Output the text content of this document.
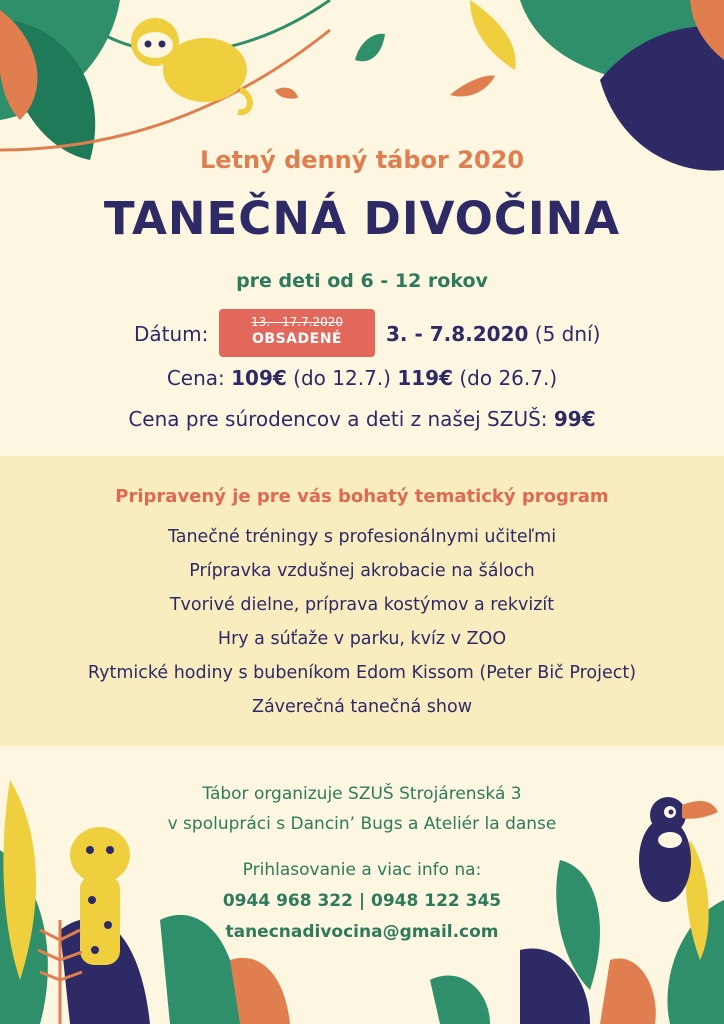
Letný denný tábor 2020
TANEČNÁ DIVOČINA
pre deti od 6 - 12 rokov
Dátum:	13. - 17.7.2020
OBSADENÉ	3. - 7.8.2020 (5 dní)
Cena: 109€ (do 12.7.) 119€ (do 26.7.)
Cena pre súrodencov a deti z našej SZUŠ: 99€
Pripravený je pre vás bohatý tematický program
Tanečné tréningy s profesionálnymi učiteľmi
Prípravka vzdušnej akrobacie na šáloch
Tvorivé dielne, príprava kostýmov a rekvizít
Hry a súťaže v parku, kvíz v ZOO
Rytmické hodiny s bubeníkom Edom Kissom (Peter Bič Project)
Záverečná tanečná show
Tábor organizuje SZUŠ Strojárenská 3
v spolupráci s Dancin’ Bugs a Ateliér la danse
Prihlasovanie a viac info na:
0944 968 322 | 0948 122 345
tanecnadivocina@gmail.com
